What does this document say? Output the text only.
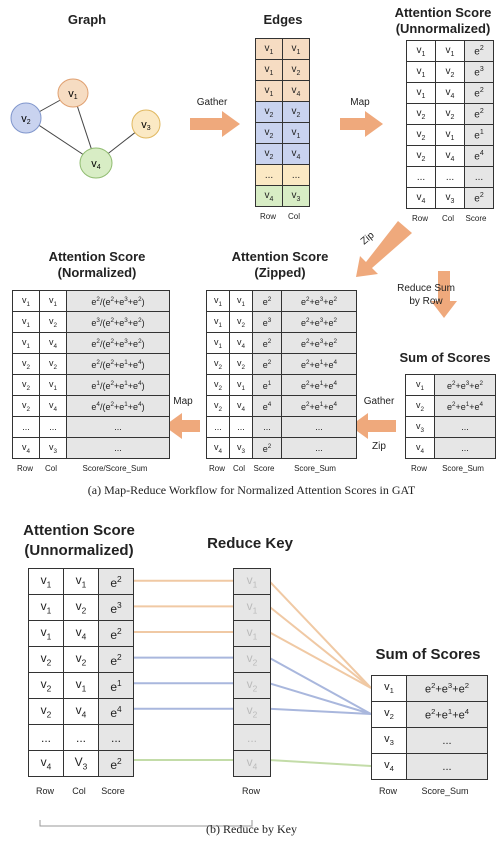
Graph
v1
v2	v3
v4
Gather	Map
Zip
Reduce Sum
by Row
Gather
Zip
Map
Edges
$v_1$	$v_1$
$v_1$	$v_2$
$v_1$	$v_4$
$v_2$	$v_2$
$v_2$	$v_1$
$v_2$	$v_4$
...	...
$v_4$	$v_3$
Row	Col
Attention Score
(Unnormalized)
$v_1$	$v_1$	$e^2$
$v_1$	$v_2$	$e^3$
$v_1$	$v_4$	$e^2$
$v_2$	$v_2$	$e^2$
$v_2$	$v_1$	$e^1$
$v_2$	$v_4$	$e^4$
...	...	...
$v_4$	$v_3$	$e^2$
Row	Col	Score
Attention Score
(Normalized)
$v_1$	$v_1$	$e^2/(e^2+e^3+e^2)$
$v_1$	$v_2$	$e^3/(e^2+e^3+e^2)$
$v_1$	$v_4$	$e^2/(e^2+e^3+e^2)$
$v_2$	$v_2$	$e^2/(e^2+e^1+e^4)$
$v_2$	$v_1$	$e^1/(e^2+e^1+e^4)$
$v_2$	$v_4$	$e^4/(e^2+e^1+e^4)$
...	...	...
$v_4$	$v_3$	...
Row	Col	Score/Score_Sum
Attention Score
(Zipped)
$v_1$	$v_1$	$e^2$	$e^2+e^3+e^2$
$v_1$	$v_2$	$e^3$	$e^2+e^3+e^2$
$v_1$	$v_4$	$e^2$	$e^2+e^3+e^2$
$v_2$	$v_2$	$e^2$	$e^2+e^1+e^4$
$v_2$	$v_1$	$e^1$	$e^2+e^1+e^4$
$v_2$	$v_4$	$e^4$	$e^2+e^1+e^4$
...	...	...	...
$v_4$	$v_3$	$e^2$	...
Row Col	Score	Score_Sum
Sum of Scores
$v_1$	$e^2+e^3+e^2$
$v_2$	$e^2+e^1+e^4$
$v_3$	...
$v_4$	...
Row	Score_Sum
(a) Map-Reduce Workflow for Normalized Attention Scores in GAT
Attention Score
(Unnormalized)	Reduce Key
Sum of Scores
$v_1$	$v_1$	$e^2$
$v_1$	$v_2$	$e^3$
$v_1$	$v_4$	$e^2$
$v_2$	$v_2$	$e^2$
$v_2$	$v_1$	$e^1$
$v_2$	$v_4$	$e^4$
...	...	...
$v_4$	$V_3$	$e^2$
Row	Col	Score
$v_1$
$v_1$
$v_1$
$v_2$
$v_2$
$v_2$
...
$v_4$
Row
$v_1$	$e^2+e^3+e^2$
$v_2$	$e^2+e^1+e^4$
$v_3$	...
$v_4$	...
Row	Score_Sum
(b) Reduce by Key
